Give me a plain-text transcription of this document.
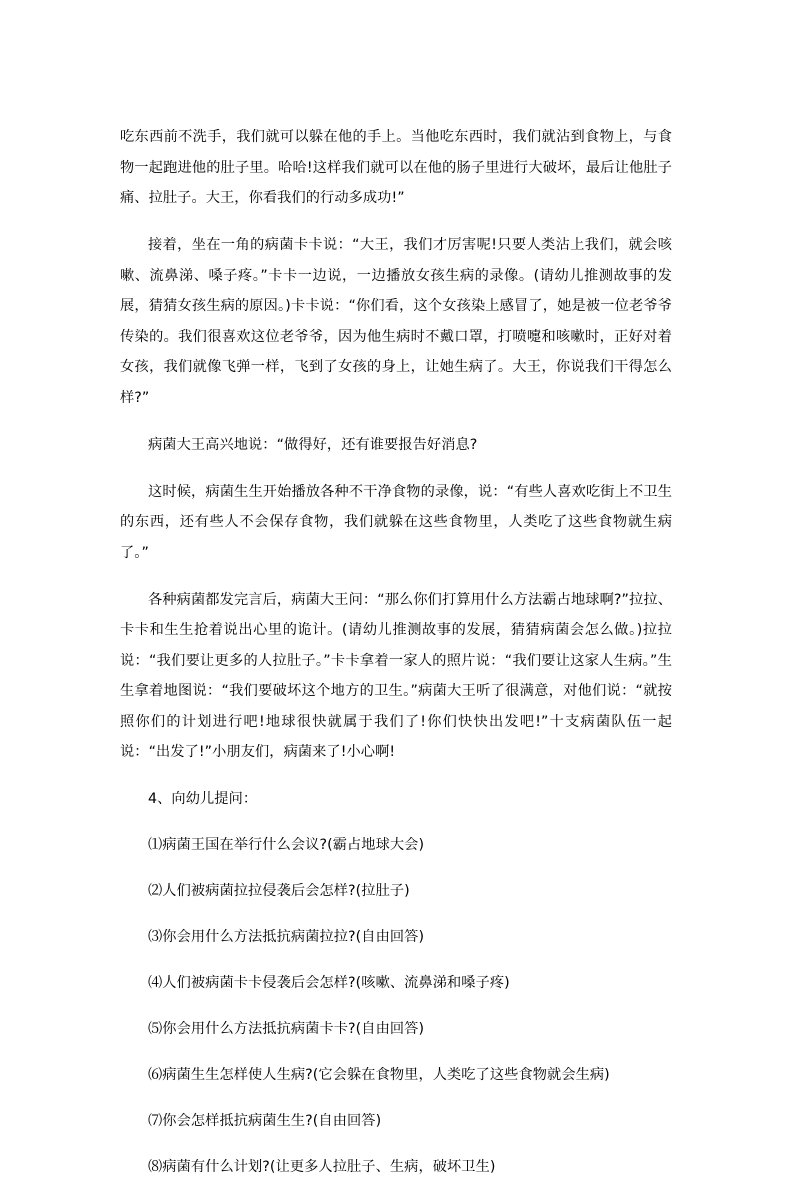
吃东西前不洗手，我们就可以躲在他的手上。当他吃东西时，我们就沾到食物上，与食物一起跑进他的肚子里。哈哈!这样我们就可以在他的肠子里进行大破坏，最后让他肚子痛、拉肚子。大王，你看我们的行动多成功!”

接着，坐在一角的病菌卡卡说：“大王，我们才厉害呢!只要人类沾上我们，就会咳嗽、流鼻涕、嗓子疼。”卡卡一边说，一边播放女孩生病的录像。(请幼儿推测故事的发展，猜猜女孩生病的原因。)卡卡说：“你们看，这个女孩染上感冒了，她是被一位老爷爷传染的。我们很喜欢这位老爷爷，因为他生病时不戴口罩，打喷嚏和咳嗽时，正好对着女孩，我们就像飞弹一样，飞到了女孩的身上，让她生病了。大王，你说我们干得怎么样?”

病菌大王高兴地说：“做得好，还有谁要报告好消息?

这时候，病菌生生开始播放各种不干净食物的录像，说：“有些人喜欢吃街上不卫生的东西，还有些人不会保存食物，我们就躲在这些食物里，人类吃了这些食物就生病了。”

各种病菌都发完言后，病菌大王问：“那么你们打算用什么方法霸占地球啊?”拉拉、卡卡和生生抢着说出心里的诡计。(请幼儿推测故事的发展，猜猜病菌会怎么做。)拉拉说：“我们要让更多的人拉肚子。”卡卡拿着一家人的照片说：“我们要让这家人生病。”生生拿着地图说：“我们要破坏这个地方的卫生。”病菌大王听了很满意，对他们说：“就按照你们的计划进行吧!地球很快就属于我们了!你们快快出发吧!”十支病菌队伍一起说：“出发了!”小朋友们，病菌来了!小心啊!

4、向幼儿提问：

⑴病菌王国在举行什么会议?(霸占地球大会)

⑵人们被病菌拉拉侵袭后会怎样?(拉肚子)

⑶你会用什么方法抵抗病菌拉拉?(自由回答)

⑷人们被病菌卡卡侵袭后会怎样?(咳嗽、流鼻涕和嗓子疼)

⑸你会用什么方法抵抗病菌卡卡?(自由回答)

⑹病菌生生怎样使人生病?(它会躲在食物里，人类吃了这些食物就会生病)

⑺你会怎样抵抗病菌生生?(自由回答)

⑻病菌有什么计划?(让更多人拉肚子、生病，破坏卫生)
